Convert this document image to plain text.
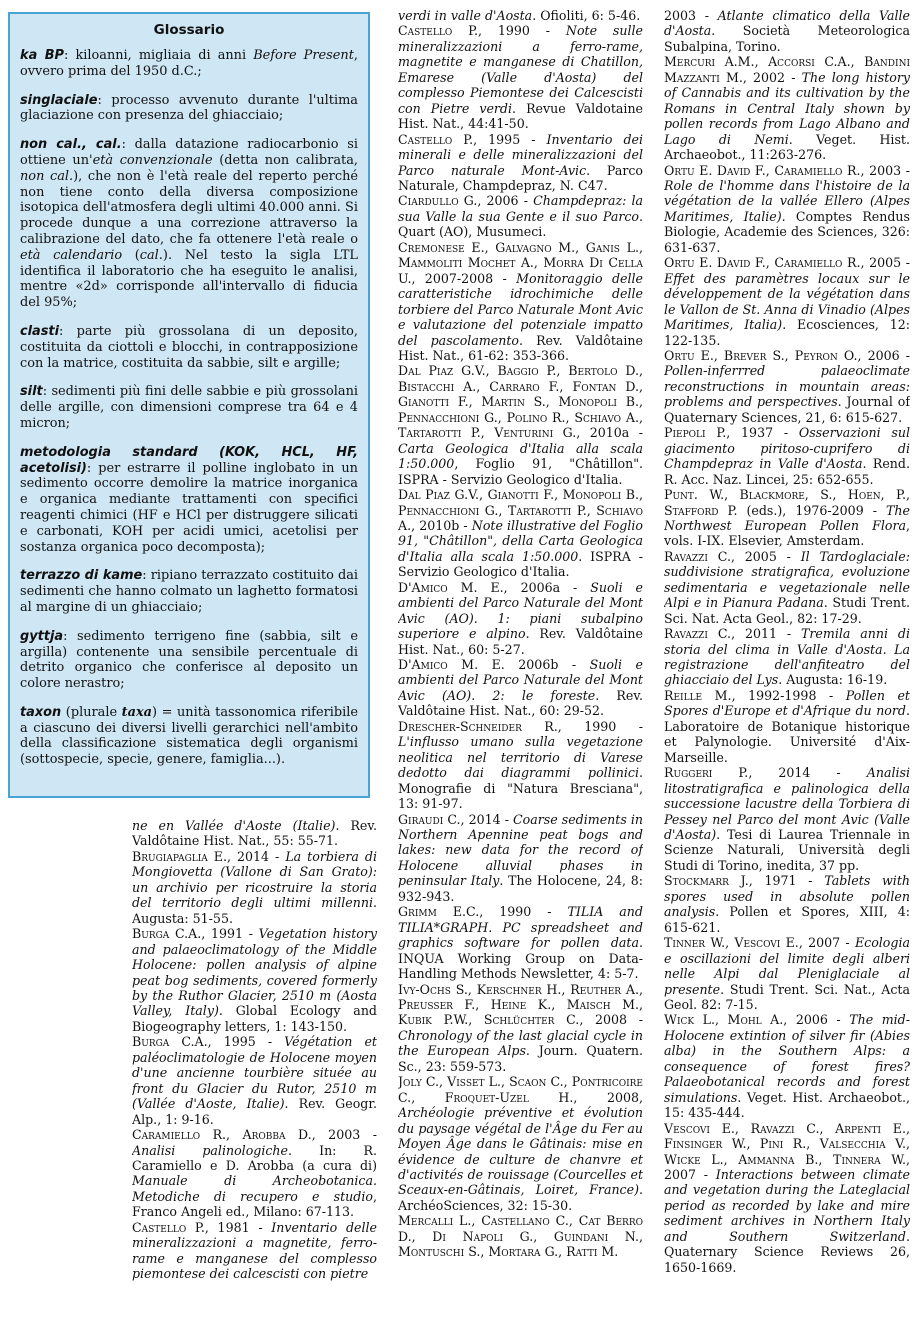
Glossario

ka BP: kiloanni, migliaia di anni Before Present, ovvero prima del 1950 d.C.;

singlaciale: processo avvenuto durante l'ultima glaciazione con presenza del ghiacciaio;

non cal., cal.: dalla datazione radiocarbonio si ottiene un'età convenzionale (detta non calibrata, non cal.), che non è l'età reale del reperto perché non tiene conto della diversa composizione isotopica dell'atmosfera degli ultimi 40.000 anni. Si procede dunque a una correzione attraverso la calibrazione del dato, che fa ottenere l'età reale o età calendario (cal.). Nel testo la sigla LTL identifica il laboratorio che ha eseguito le analisi, mentre «2d» corrisponde all'intervallo di fiducia del 95%;

clasti: parte più grossolana di un deposito, costituita da ciottoli e blocchi, in contrapposizione con la matrice, costituita da sabbie, silt e argille;

silt: sedimenti più fini delle sabbie e più grossolani delle argille, con dimensioni comprese tra 64 e 4 micron;

metodologia standard (KOK, HCL, HF, acetolisi): per estrarre il polline inglobato in un sedimento occorre demolire la matrice inorganica e organica mediante trattamenti con specifici reagenti chimici (HF e HCl per distruggere silicati e carbonati, KOH per acidi umici, acetolisi per sostanza organica poco decomposta);

terrazzo di kame: ripiano terrazzato costituito dai sedimenti che hanno colmato un laghetto formatosi al margine di un ghiacciaio;

gyttja: sedimento terrigeno fine (sabbia, silt e argilla) contenente una sensibile percentuale di detrito organico che conferisce al deposito un colore nerastro;

taxon (plurale taxa) = unità tassonomica riferibile a ciascuno dei diversi livelli gerarchici nell'ambito della classificazione sistematica degli organismi (sottospecie, specie, genere, famiglia...).

ne en Vallée d'Aoste (Italie). Rev. Valdôtaine Hist. Nat., 55: 55-71.

Brugiapaglia E., 2014 - La torbiera di Mongiovetta (Vallone di San Grato): un archivio per ricostruire la storia del territorio degli ultimi millenni. Augusta: 51-55.

Burga C.A., 1991 - Vegetation history and palaeoclimatology of the Middle Holocene: pollen analysis of alpine peat bog sediments, covered formerly by the Ruthor Glacier, 2510 m (Aosta Valley, Italy). Global Ecology and Biogeography letters, 1: 143-150.

Burga C.A., 1995 - Végétation et paléoclimatologie de Holocene moyen d'une ancienne tourbière située au front du Glacier du Rutor, 2510 m (Vallée d'Aoste, Italie). Rev. Geogr. Alp., 1: 9-16.

Caramiello R., Arobba D., 2003 - Analisi palinologiche. In: R. Caramiello e D. Arobba (a cura di) Manuale di Archeobotanica. Metodiche di recupero e studio, Franco Angeli ed., Milano: 67-113.

Castello P., 1981 - Inventario delle mineralizzazioni a magnetite, ferro-rame e manganese del complesso piemontese dei calcescisti con pietre

verdi in valle d'Aosta. Ofioliti, 6: 5-46.

Castello P., 1990 - Note sulle mineralizzazioni a ferro-rame, magnetite e manganese di Chatillon, Emarese (Valle d'Aosta) del complesso Piemontese dei Calcescisti con Pietre verdi. Revue Valdotaine Hist. Nat., 44:41-50.

Castello P., 1995 - Inventario dei minerali e delle mineralizzazioni del Parco naturale Mont-Avic. Parco Naturale, Champdepraz, N. C47.

Ciardullo G., 2006 - Champdepraz: la sua Valle la sua Gente e il suo Parco. Quart (AO), Musumeci.

Cremonese E., Galvagno M., Ganis L., Mammoliti Mochet A., Morra Di Cella U., 2007-2008 - Monitoraggio delle caratteristiche idrochimiche delle torbiere del Parco Naturale Mont Avic e valutazione del potenziale impatto del pascolamento. Rev. Valdôtaine Hist. Nat., 61-62: 353-366.

Dal Piaz G.V., Baggio P., Bertolo D., Bistacchi A., Carraro F., Fontan D., Gianotti F., Martin S., Monopoli B., Pennacchioni G., Polino R., Schiavo A., Tartarotti P., Venturini G., 2010a - Carta Geologica d'Italia alla scala 1:50.000, Foglio 91, "Châtillon". ISPRA - Servizio Geologico d'Italia.

Dal Piaz G.V., Gianotti F., Monopoli B., Pennacchioni G., Tartarotti P., Schiavo A., 2010b - Note illustrative del Foglio 91, "Châtillon", della Carta Geologica d'Italia alla scala 1:50.000. ISPRA - Servizio Geologico d'Italia.

D'Amico M. E., 2006a - Suoli e ambienti del Parco Naturale del Mont Avic (AO). 1: piani subalpino superiore e alpino. Rev. Valdôtaine Hist. Nat., 60: 5-27.

D'Amico M. E. 2006b - Suoli e ambienti del Parco Naturale del Mont Avic (AO). 2: le foreste. Rev. Valdôtaine Hist. Nat., 60: 29-52.

Drescher-Schneider R., 1990 - L'influsso umano sulla vegetazione neolitica nel territorio di Varese dedotto dai diagrammi pollinici. Monografie di "Natura Bresciana", 13: 91-97.

Giraudi C., 2014 - Coarse sediments in Northern Apennine peat bogs and lakes: new data for the record of Holocene alluvial phases in peninsular Italy. The Holocene, 24, 8: 932-943.

Grimm E.C., 1990 - TILIA and TILIA*GRAPH. PC spreadsheet and graphics software for pollen data. INQUA Working Group on Data-Handling Methods Newsletter, 4: 5-7.

Ivy-Ochs S., Kerschner H., Reuther A., Preusser F., Heine K., Maisch M., Kubik P.W., Schlüchter C., 2008 - Chronology of the last glacial cycle in the European Alps. Journ. Quatern. Sc., 23: 559-573.

Joly C., Visset L., Scaon C., Pontricoire C., Froquet-Uzel H., 2008, Archéologie préventive et évolution du paysage végétal de l'Âge du Fer au Moyen Âge dans le Gâtinais: mise en évidence de culture de chanvre et d'activités de rouissage (Courcelles et Sceaux-en-Gâtinais, Loiret, France). ArchéoSciences, 32: 15-30.

Mercalli L., Castellano C., Cat Berro D., Di Napoli G., Guindani N., Montuschi S., Mortara G., Ratti M.

2003 - Atlante climatico della Valle d'Aosta. Società Meteorologica Subalpina, Torino.

Mercuri A.M., Accorsi C.A., Bandini Mazzanti M., 2002 - The long history of Cannabis and its cultivation by the Romans in Central Italy shown by pollen records from Lago Albano and Lago di Nemi. Veget. Hist. Archaeobot., 11:263-276.

Ortu E. David F., Caramiello R., 2003 - Role de l'homme dans l'histoire de la végétation de la vallée Ellero (Alpes Maritimes, Italie). Comptes Rendus Biologie, Academie des Sciences, 326: 631-637.

Ortu E. David F., Caramiello R., 2005 - Effet des paramètres locaux sur le développement de la végétation dans le Vallon de St. Anna di Vinadio (Alpes Maritimes, Italia). Ecosciences, 12: 122-135.

Ortu E., Brever S., Peyron O., 2006 - Pollen-inferrred palaeoclimate reconstructions in mountain areas: problems and perspectives. Journal of Quaternary Sciences, 21, 6: 615-627.

Piepoli P., 1937 - Osservazioni sul giacimento piritoso-cuprifero di Champdepraz in Valle d'Aosta. Rend. R. Acc. Naz. Lincei, 25: 652-655.

Punt. W., Blackmore, S., Hoen, P., Stafford P. (eds.), 1976-2009 - The Northwest European Pollen Flora, vols. I-IX. Elsevier, Amsterdam.

Ravazzi C., 2005 - Il Tardoglaciale: suddivisione stratigrafica, evoluzione sedimentaria e vegetazionale nelle Alpi e in Pianura Padana. Studi Trent. Sci. Nat. Acta Geol., 82: 17-29.

Ravazzi C., 2011 - Tremila anni di storia del clima in Valle d'Aosta. La registrazione dell'anfiteatro del ghiacciaio del Lys. Augusta: 16-19.

Reille M., 1992-1998 - Pollen et Spores d'Europe et d'Afrique du nord. Laboratoire de Botanique historique et Palynologie. Université d'Aix-Marseille.

Ruggeri P., 2014 - Analisi litostratigrafica e palinologica della successione lacustre della Torbiera di Pessey nel Parco del mont Avic (Valle d'Aosta). Tesi di Laurea Triennale in Scienze Naturali, Università degli Studi di Torino, inedita, 37 pp.

Stockmarr J., 1971 - Tablets with spores used in absolute pollen analysis. Pollen et Spores, XIII, 4: 615-621.

Tinner W., Vescovi E., 2007 - Ecologia e oscillazioni del limite degli alberi nelle Alpi dal Pleniglaciale al presente. Studi Trent. Sci. Nat., Acta Geol. 82: 7-15.

Wick L., Mohl A., 2006 - The mid-Holocene extintion of silver fir (Abies alba) in the Southern Alps: a consequence of forest fires? Palaeobotanical records and forest simulations. Veget. Hist. Archaeobot., 15: 435-444.

Vescovi E., Ravazzi C., Arpenti E., Finsinger W., Pini R., Valsecchia V., Wicke L., Ammanna B., Tinnera W., 2007 - Interactions between climate and vegetation during the Lateglacial period as recorded by lake and mire sediment archives in Northern Italy and Southern Switzerland. Quaternary Science Reviews 26, 1650-1669.
